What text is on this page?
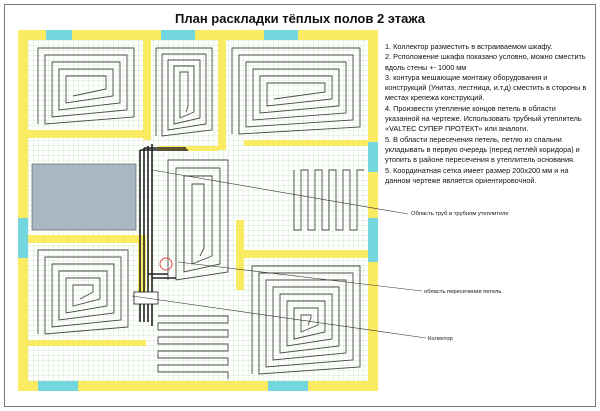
План раскладки тёплых полов 2 этажа

1. Коллектор разместить в встраиваемом шкафу.

2. Рсположение шкафа показано условно, можно сместить вдоль стены +- 1000 мм

3. контура мешающие монтажу оборудования и конструкций (Унитаз, лестница, и.т.д) сместить в стороны в местах крепежа конструкций.

4. Произвести утепление концов петель в области указанной на чертеже. Использовать трубный утеплитель «VALTEC СУПЕР ПРОТЕКТ» или аналоги.

5. В области пересечения петель, петлю из спальни укладывать в первую очередь (перед петлёй коридора) и утопить в районе пересечения в утеплитель основания.

5. Координатная сетка имеет размер 200х200 мм и на данном чертеже является ориентировочной.

Область труб в трубном утеплителе
область пересечения петель
Колектор
